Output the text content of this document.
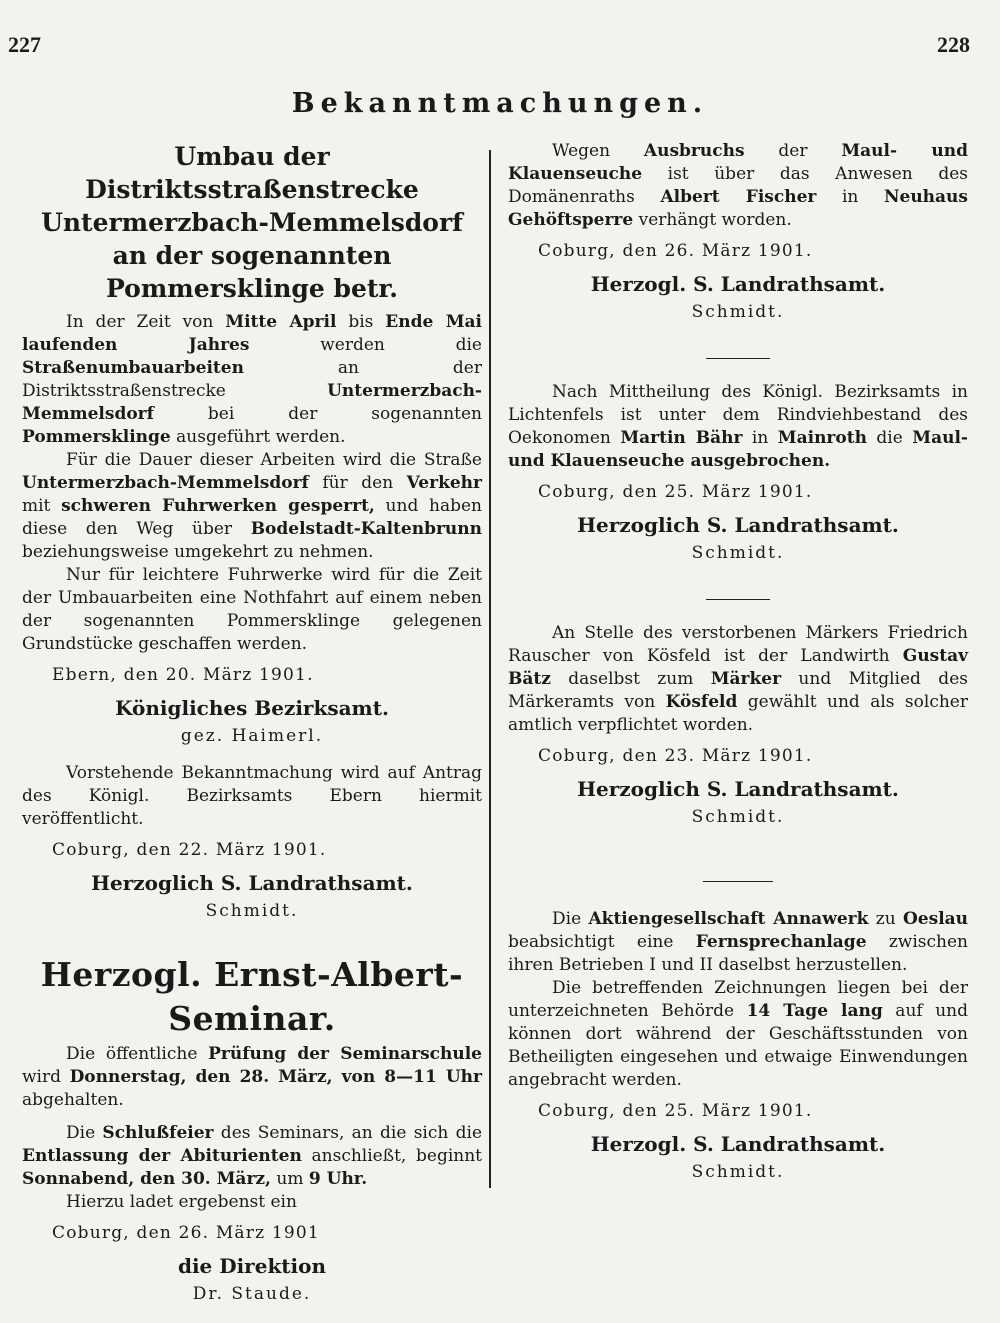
227	228
Bekanntmachungen.
Umbau der Distriktsstraßenstrecke Untermerzbach-Memmelsdorf an der sogenannten Pommersklinge betr.

In der Zeit von Mitte April bis Ende Mai laufenden Jahres werden die Straßenumbauarbeiten an der Distriktsstraßenstrecke Untermerzbach-Memmelsdorf bei der sogenannten Pommersklinge ausgeführt werden.

Für die Dauer dieser Arbeiten wird die Straße Untermerzbach-Memmelsdorf für den Verkehr mit schweren Fuhrwerken gesperrt, und haben diese den Weg über Bodelstadt-Kaltenbrunn beziehungsweise umgekehrt zu nehmen.

Nur für leichtere Fuhrwerke wird für die Zeit der Umbauarbeiten eine Nothfahrt auf einem neben der sogenannten Pommersklinge gelegenen Grundstücke geschaffen werden.

Ebern, den 20. März 1901.
Königliches Bezirksamt.
gez. Haimerl.

Vorstehende Bekanntmachung wird auf Antrag des Königl. Bezirksamts Ebern hiermit veröffentlicht.

Coburg, den 22. März 1901.
Herzoglich S. Landrathsamt.
Schmidt.
Herzogl. Ernst-Albert-Seminar.

Die öffentliche Prüfung der Seminarschule wird Donnerstag, den 28. März, von 8—11 Uhr abgehalten.

Die Schlußfeier des Seminars, an die sich die Entlassung der Abiturienten anschließt, beginnt Sonnabend, den 30. März, um 9 Uhr.

Hierzu ladet ergebenst ein

Coburg, den 26. März 1901
die Direktion
Dr. Staude.

Wegen Ausbruchs der Maul- und Klauenseuche ist über das Anwesen des Domänenraths Albert Fischer in Neuhaus Gehöftsperre verhängt worden.

Coburg, den 26. März 1901.
Herzogl. S. Landrathsamt.
Schmidt.

Nach Mittheilung des Königl. Bezirksamts in Lichtenfels ist unter dem Rindviehbestand des Oekonomen Martin Bähr in Mainroth die Maul- und Klauenseuche ausgebrochen.

Coburg, den 25. März 1901.
Herzoglich S. Landrathsamt.
Schmidt.

An Stelle des verstorbenen Märkers Friedrich Rauscher von Kösfeld ist der Landwirth Gustav Bätz daselbst zum Märker und Mitglied des Märkeramts von Kösfeld gewählt und als solcher amtlich verpflichtet worden.

Coburg, den 23. März 1901.
Herzoglich S. Landrathsamt.
Schmidt.

Die Aktiengesellschaft Annawerk zu Oeslau beabsichtigt eine Fernsprechanlage zwischen ihren Betrieben I und II daselbst herzustellen.

Die betreffenden Zeichnungen liegen bei der unterzeichneten Behörde 14 Tage lang auf und können dort während der Geschäftsstunden von Betheiligten eingesehen und etwaige Einwendungen angebracht werden.

Coburg, den 25. März 1901.
Herzogl. S. Landrathsamt.
Schmidt.
